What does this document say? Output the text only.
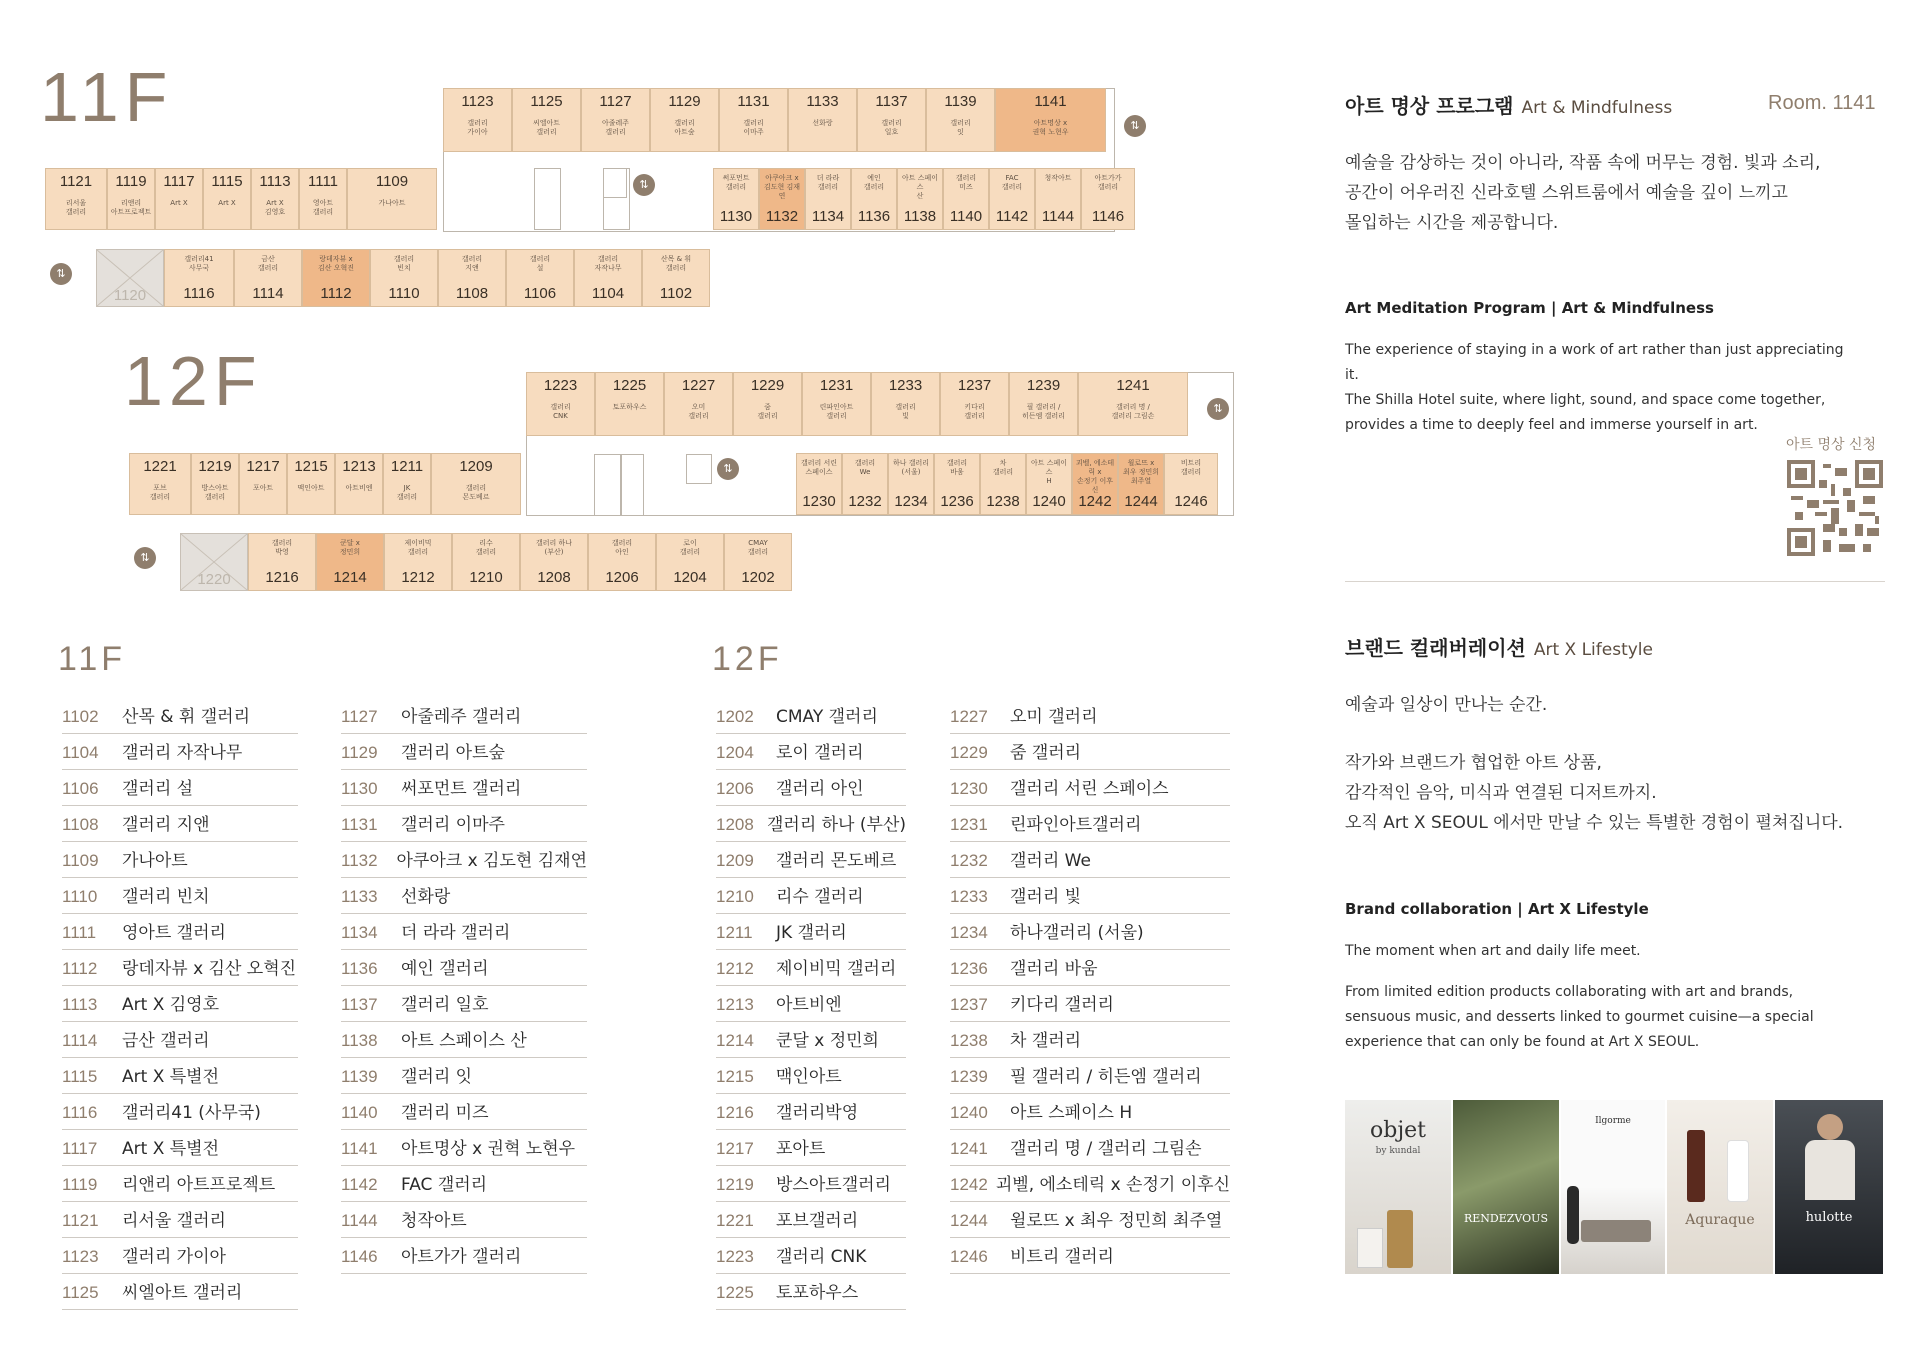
11F
12F
1123
갤러리
가이아
1125
씨엘아트
갤러리
1127
아줄레주
갤러리
1129
갤러리
아트숲
1131
갤러리
이마주
1133
선화랑
1137
갤러리
일호
1139
갤러리
잇
1141
아트명상 x
권혁 노현우
1121
리서울
갤러리
1119
리앤리
아트프로젝트
1117
Art X
1115
Art X
1113
Art X
김영호
1111
영아트
갤러리
1109
가나아트
1130
써포먼트
갤러리
1132
아쿠아크 x
김도현 김재연
1134
더 라라
갤러리
1136
예인
갤러리
1138
아트 스페이스
산
1140
갤러리
미즈
1142
FAC
갤러리
1144
청작아트
1146
아트가가
갤러리
1116
갤러리41
사무국
1114
금산
갤러리
1112
랑데자뷰 x
김산 오혁진
1110
갤러리
빈치
1108
갤러리
지앤
1106
갤러리
설
1104
갤러리
자작나무
1102
산목 & 휘
갤러리
1120
⇅
⇅
⇅
1223
갤러리
CNK
1225
토포하우스
1227
오미
갤러리
1229
줌
갤러리
1231
린파인아트
갤러리
1233
갤러리
빛
1237
키다리
갤러리
1239
필 갤러리 /
히든엠 갤러리
1241
갤러리 명 /
갤러리 그림손
1221
포브
갤러리
1219
방스아트
갤러리
1217
포아트
1215
맥인아트
1213
아트비엔
1211
JK
갤러리
1209
갤러리
몬도베르	1230
갤러리 서린
스페이스
1232
갤러리
We
1234
하나 갤러리
(서울)
1236
갤러리
바움
1238
차
갤러리
1240
아트 스페이스
H
1242
괴벨, 에소테릭 x
손정기 이후신
1244
윌로뜨 x
최우 정민희
최주열
1246
비트리
갤러리
1216
갤러리
박영
1214
쿤달 x
정민희
1212
제이비믹
갤러리
1210
리수
갤러리
1208
갤러리 하나
(부산)
1206
갤러리
아인
1204
로이
갤러리
1202
CMAY
갤러리
1220
⇅
⇅
⇅
11F	12F
1102	산목 & 휘 갤러리
1104	갤러리 자작나무
1106	갤러리 설
1108	갤러리 지앤
1109	가나아트
1110	갤러리 빈치
1111	영아트 갤러리
1112	랑데자뷰 x 김산 오혁진
1113	Art X 김영호
1114	금산 갤러리
1115	Art X 특별전
1116	갤러리41 (사무국)
1117	Art X 특별전
1119	리앤리 아트프로젝트
1121	리서울 갤러리
1123	갤러리 가이아
1125	씨엘아트 갤러리
1127	아줄레주 갤러리
1129	갤러리 아트숲
1130	써포먼트 갤러리
1131	갤러리 이마주
1132	아쿠아크 x 김도현 김재연
1133	선화랑
1134	더 라라 갤러리
1136	예인 갤러리
1137	갤러리 일호
1138	아트 스페이스 산
1139	갤러리 잇
1140	갤러리 미즈
1141	아트명상 x 권혁 노현우
1142	FAC 갤러리
1144	청작아트
1146	아트가가 갤러리
1202	CMAY 갤러리
1204	로이 갤러리
1206	갤러리 아인
1208 갤러리 하나 (부산)
1209	갤러리 몬도베르
1210	리수 갤러리
1211	JK 갤러리
1212	제이비믹 갤러리
1213	아트비엔
1214	쿤달 x 정민희
1215	맥인아트
1216	갤러리박영
1217	포아트
1219	방스아트갤러리
1221	포브갤러리
1223	갤러리 CNK
1225	토포하우스
1227	오미 갤러리
1229	줌 갤러리
1230	갤러리 서린 스페이스
1231	린파인아트갤러리
1232	갤러리 We
1233	갤러리 빛
1234	하나갤러리 (서울)
1236	갤러리 바움
1237	키다리 갤러리
1238	차 갤러리
1239	필 갤러리 / 히든엠 갤러리
1240	아트 스페이스 H
1241	갤러리 명 / 갤러리 그림손
1242 괴벨, 에소테릭 x 손정기 이후신
1244	윌로뜨 x 최우 정민희 최주열
1246	비트리 갤러리
아트 명상 프로그램 Art & Mindfulness	Room. 1141
예술을 감상하는 것이 아니라, 작품 속에 머무는 경험. 빛과 소리,
공간이 어우러진 신라호텔 스위트룸에서 예술을 깊이 느끼고
몰입하는 시간을 제공합니다.
Art Meditation Program | Art & Mindfulness
The experience of staying in a work of art rather than just appreciating it.
The Shilla Hotel suite, where light, sound, and space come together,
provides a time to deeply feel and immerse yourself in art.
아트 명상 신청
브랜드 컬래버레이션 Art X Lifestyle
예술과 일상이 만나는 순간.
작가와 브랜드가 협업한 아트 상품,
감각적인 음악, 미식과 연결된 디저트까지.
오직 Art X SEOUL 에서만 만날 수 있는 특별한 경험이 펼쳐집니다.
Brand collaboration | Art X Lifestyle
The moment when art and daily life meet.
From limited edition products collaborating with art and brands,
sensuous music, and desserts linked to gourmet cuisine—a special
experience that can only be found at Art X SEOUL.
objet
by kundal
RENDEZVOUS
Ilgorme
Aquraque	hulotte
